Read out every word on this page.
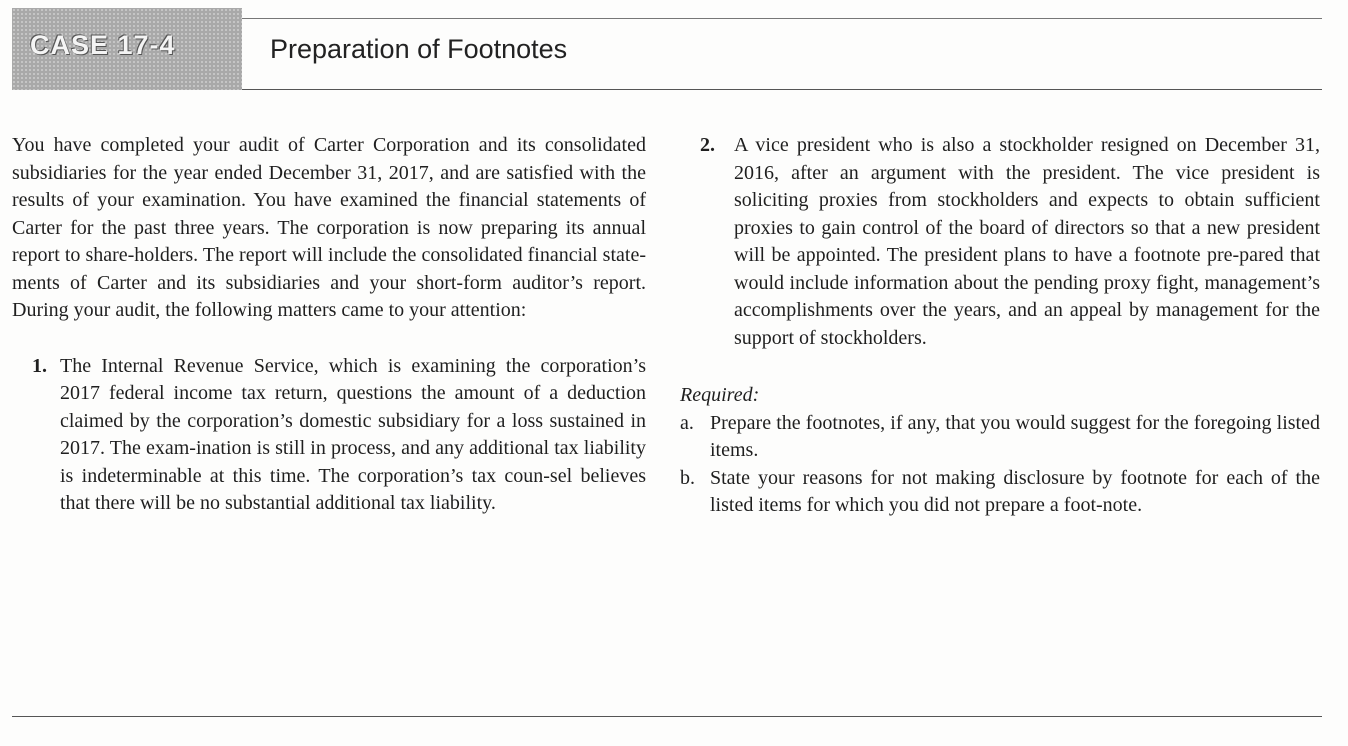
CASE 17-4	Preparation of Footnotes

You have completed your audit of Carter Corporation and its consolidated subsidiaries for the year ended December 31, 2017, and are satisfied with the results of your examination. You have examined the financial statements of Carter for the past three years. The corporation is now preparing its annual report to share-holders. The report will include the consolidated financial state-ments of Carter and its subsidiaries and your short-form auditor’s report. During your audit, the following matters came to your attention:

1. The Internal Revenue Service, which is examining the corporation’s 2017 federal income tax return, questions the amount of a deduction claimed by the corporation’s domestic subsidiary for a loss sustained in 2017. The exam-ination is still in process, and any additional tax liability is indeterminable at this time. The corporation’s tax coun-sel believes that there will be no substantial additional tax liability.

2. A vice president who is also a stockholder resigned on December 31, 2016, after an argument with the president. The vice president is soliciting proxies from stockholders and expects to obtain sufficient proxies to gain control of the board of directors so that a new president will be appointed. The president plans to have a footnote pre-pared that would include information about the pending proxy fight, management’s accomplishments over the years, and an appeal by management for the support of stockholders.

Required:

a. Prepare the footnotes, if any, that you would suggest for the foregoing listed items.

b. State your reasons for not making disclosure by footnote for each of the listed items for which you did not prepare a foot-note.
